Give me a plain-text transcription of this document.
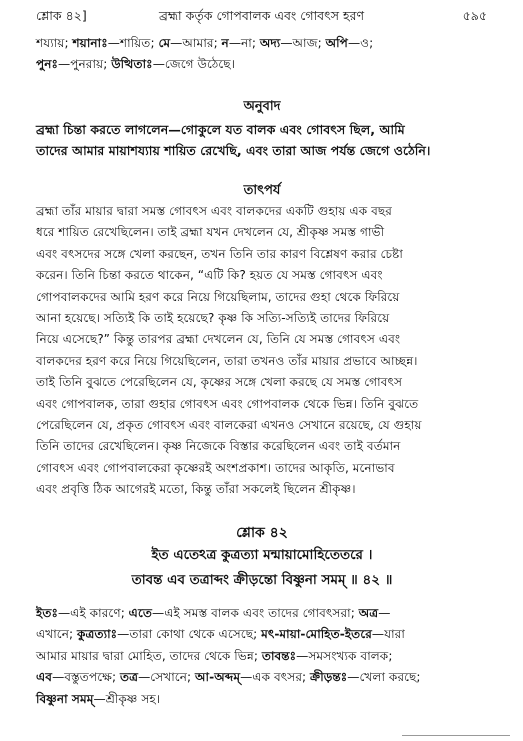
শ্লোক ৪২]	ব্রহ্মা কর্তৃক গোপবালক এবং গোবৎস হরণ	৫৯৫
শয্যায়; শয়ানাঃ—শায়িত; মে—আমার; ন—না; অদ্য—আজ; অপি—ও;
পুনঃ—পুনরায়; উত্থিতাঃ—জেগে উঠেছে।
অনুবাদ
ব্রহ্মা চিন্তা করতে লাগলেন—গোকুলে যত বালক এবং গোবৎস ছিল, আমি
তাদের আমার মায়াশয্যায় শায়িত রেখেছি, এবং তারা আজ পর্যন্ত জেগে ওঠেনি।
তাৎপর্য
ব্রহ্মা তাঁর মায়ার দ্বারা সমস্ত গোবৎস এবং বালকদের একটি গুহায় এক বছর
ধরে শায়িত রেখেছিলেন। তাই ব্রহ্মা যখন দেখলেন যে, শ্রীকৃষ্ণ সমস্ত গাভী
এবং বৎসদের সঙ্গে খেলা করছেন, তখন তিনি তার কারণ বিশ্লেষণ করার চেষ্টা
করেন। তিনি চিন্তা করতে থাকেন, “এটি কি? হয়ত যে সমস্ত গোবৎস এবং
গোপবালকদের আমি হরণ করে নিয়ে গিয়েছিলাম, তাদের গুহা থেকে ফিরিয়ে
আনা হয়েছে। সত্যিই কি তাই হয়েছে? কৃষ্ণ কি সত্যি-সত্যিই তাদের ফিরিয়ে
নিয়ে এসেছে?” কিন্তু তারপর ব্রহ্মা দেখলেন যে, তিনি যে সমস্ত গোবৎস এবং
বালকদের হরণ করে নিয়ে গিয়েছিলেন, তারা তখনও তাঁর মায়ার প্রভাবে আচ্ছন্ন।
তাই তিনি বুঝতে পেরেছিলেন যে, কৃষ্ণের সঙ্গে খেলা করছে যে সমস্ত গোবৎস
এবং গোপবালক, তারা গুহার গোবৎস এবং গোপবালক থেকে ভিন্ন। তিনি বুঝতে
পেরেছিলেন যে, প্রকৃত গোবৎস এবং বালকেরা এখনও সেখানে রয়েছে, যে গুহায়
তিনি তাদের রেখেছিলেন। কৃষ্ণ নিজেকে বিস্তার করেছিলেন এবং তাই বর্তমান
গোবৎস এবং গোপবালকেরা কৃষ্ণেরই অংশপ্রকাশ। তাদের আকৃতি, মনোভাব
এবং প্রবৃত্তি ঠিক আগেরই মতো, কিন্তু তাঁরা সকলেই ছিলেন শ্রীকৃষ্ণ।
শ্লোক ৪২
ইত এতেঽত্র কুত্রত্যা মন্মায়ামোহিতেতরে ।
তাবন্ত এব তত্রাব্দং ক্রীড়ন্তো বিষ্ণুনা সমম্ ॥ ৪২ ॥
ইতঃ—এই কারণে; এতে—এই সমস্ত বালক এবং তাদের গোবৎসরা; অত্র—
এখানে; কুত্রত্যাঃ—তারা কোথা থেকে এসেছে; মৎ-মায়া-মোহিত-ইতরে—যারা
আমার মায়ার দ্বারা মোহিত, তাদের থেকে ভিন্ন; তাবন্তঃ—সমসংখ্যক বালক;
এব—বস্তুতপক্ষে; তত্র—সেখানে; আ-অব্দম্—এক বৎসর; ক্রীড়ন্তঃ—খেলা করছে;
বিষ্ণুনা সমম্—শ্রীকৃষ্ণ সহ।
